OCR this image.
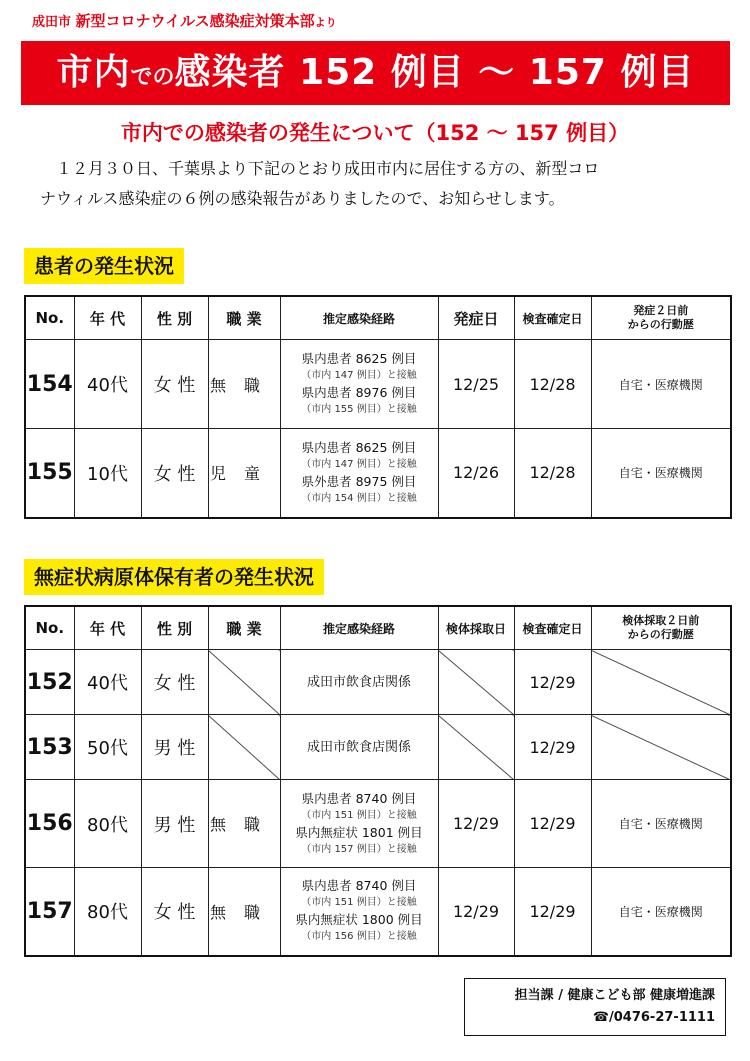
成田市 新型コロナウイルス感染症対策本部より
市内での感染者 152 例目 ～ 157 例目
市内での感染者の発生について（152 ～ 157 例目）

１２月３０日、千葉県より下記のとおり成田市内に居住する方の、新型コロ

ナウィルス感染症の６例の感染報告がありましたので、お知らせします。
患者の発生状況
No.	年 代	性 別	職 業	推定感染経路	発症日	検査確定日	発症２日前
からの行動歴
154	40代	女 性	無職	県内患者 8625 例目
（市内 147 例目）と接触
県内患者 8976 例目
（市内 155 例目）と接触	12/25	12/28	自宅・医療機関
155	10代	女 性	児童	県内患者 8625 例目
（市内 147 例目）と接触
県外患者 8975 例目
（市内 154 例目）と接触	12/26	12/28	自宅・医療機関
無症状病原体保有者の発生状況
No.	年 代	性 別	職 業	推定感染経路	検体採取日	検査確定日	検体採取２日前
からの行動歴
152	40代	女 性		成田市飲食店関係		12/29	
153	50代	男 性		成田市飲食店関係		12/29	
156	80代	男 性	無職	県内患者 8740 例目
（市内 151 例目）と接触
県内無症状 1801 例目
（市内 157 例目）と接触	12/29	12/29	自宅・医療機関
157	80代	女 性	無職	県内患者 8740 例目
（市内 151 例目）と接触
県内無症状 1800 例目
（市内 156 例目）と接触	12/29	12/29	自宅・医療機関
担当課 / 健康こども部 健康増進課
☎/0476-27-1111
